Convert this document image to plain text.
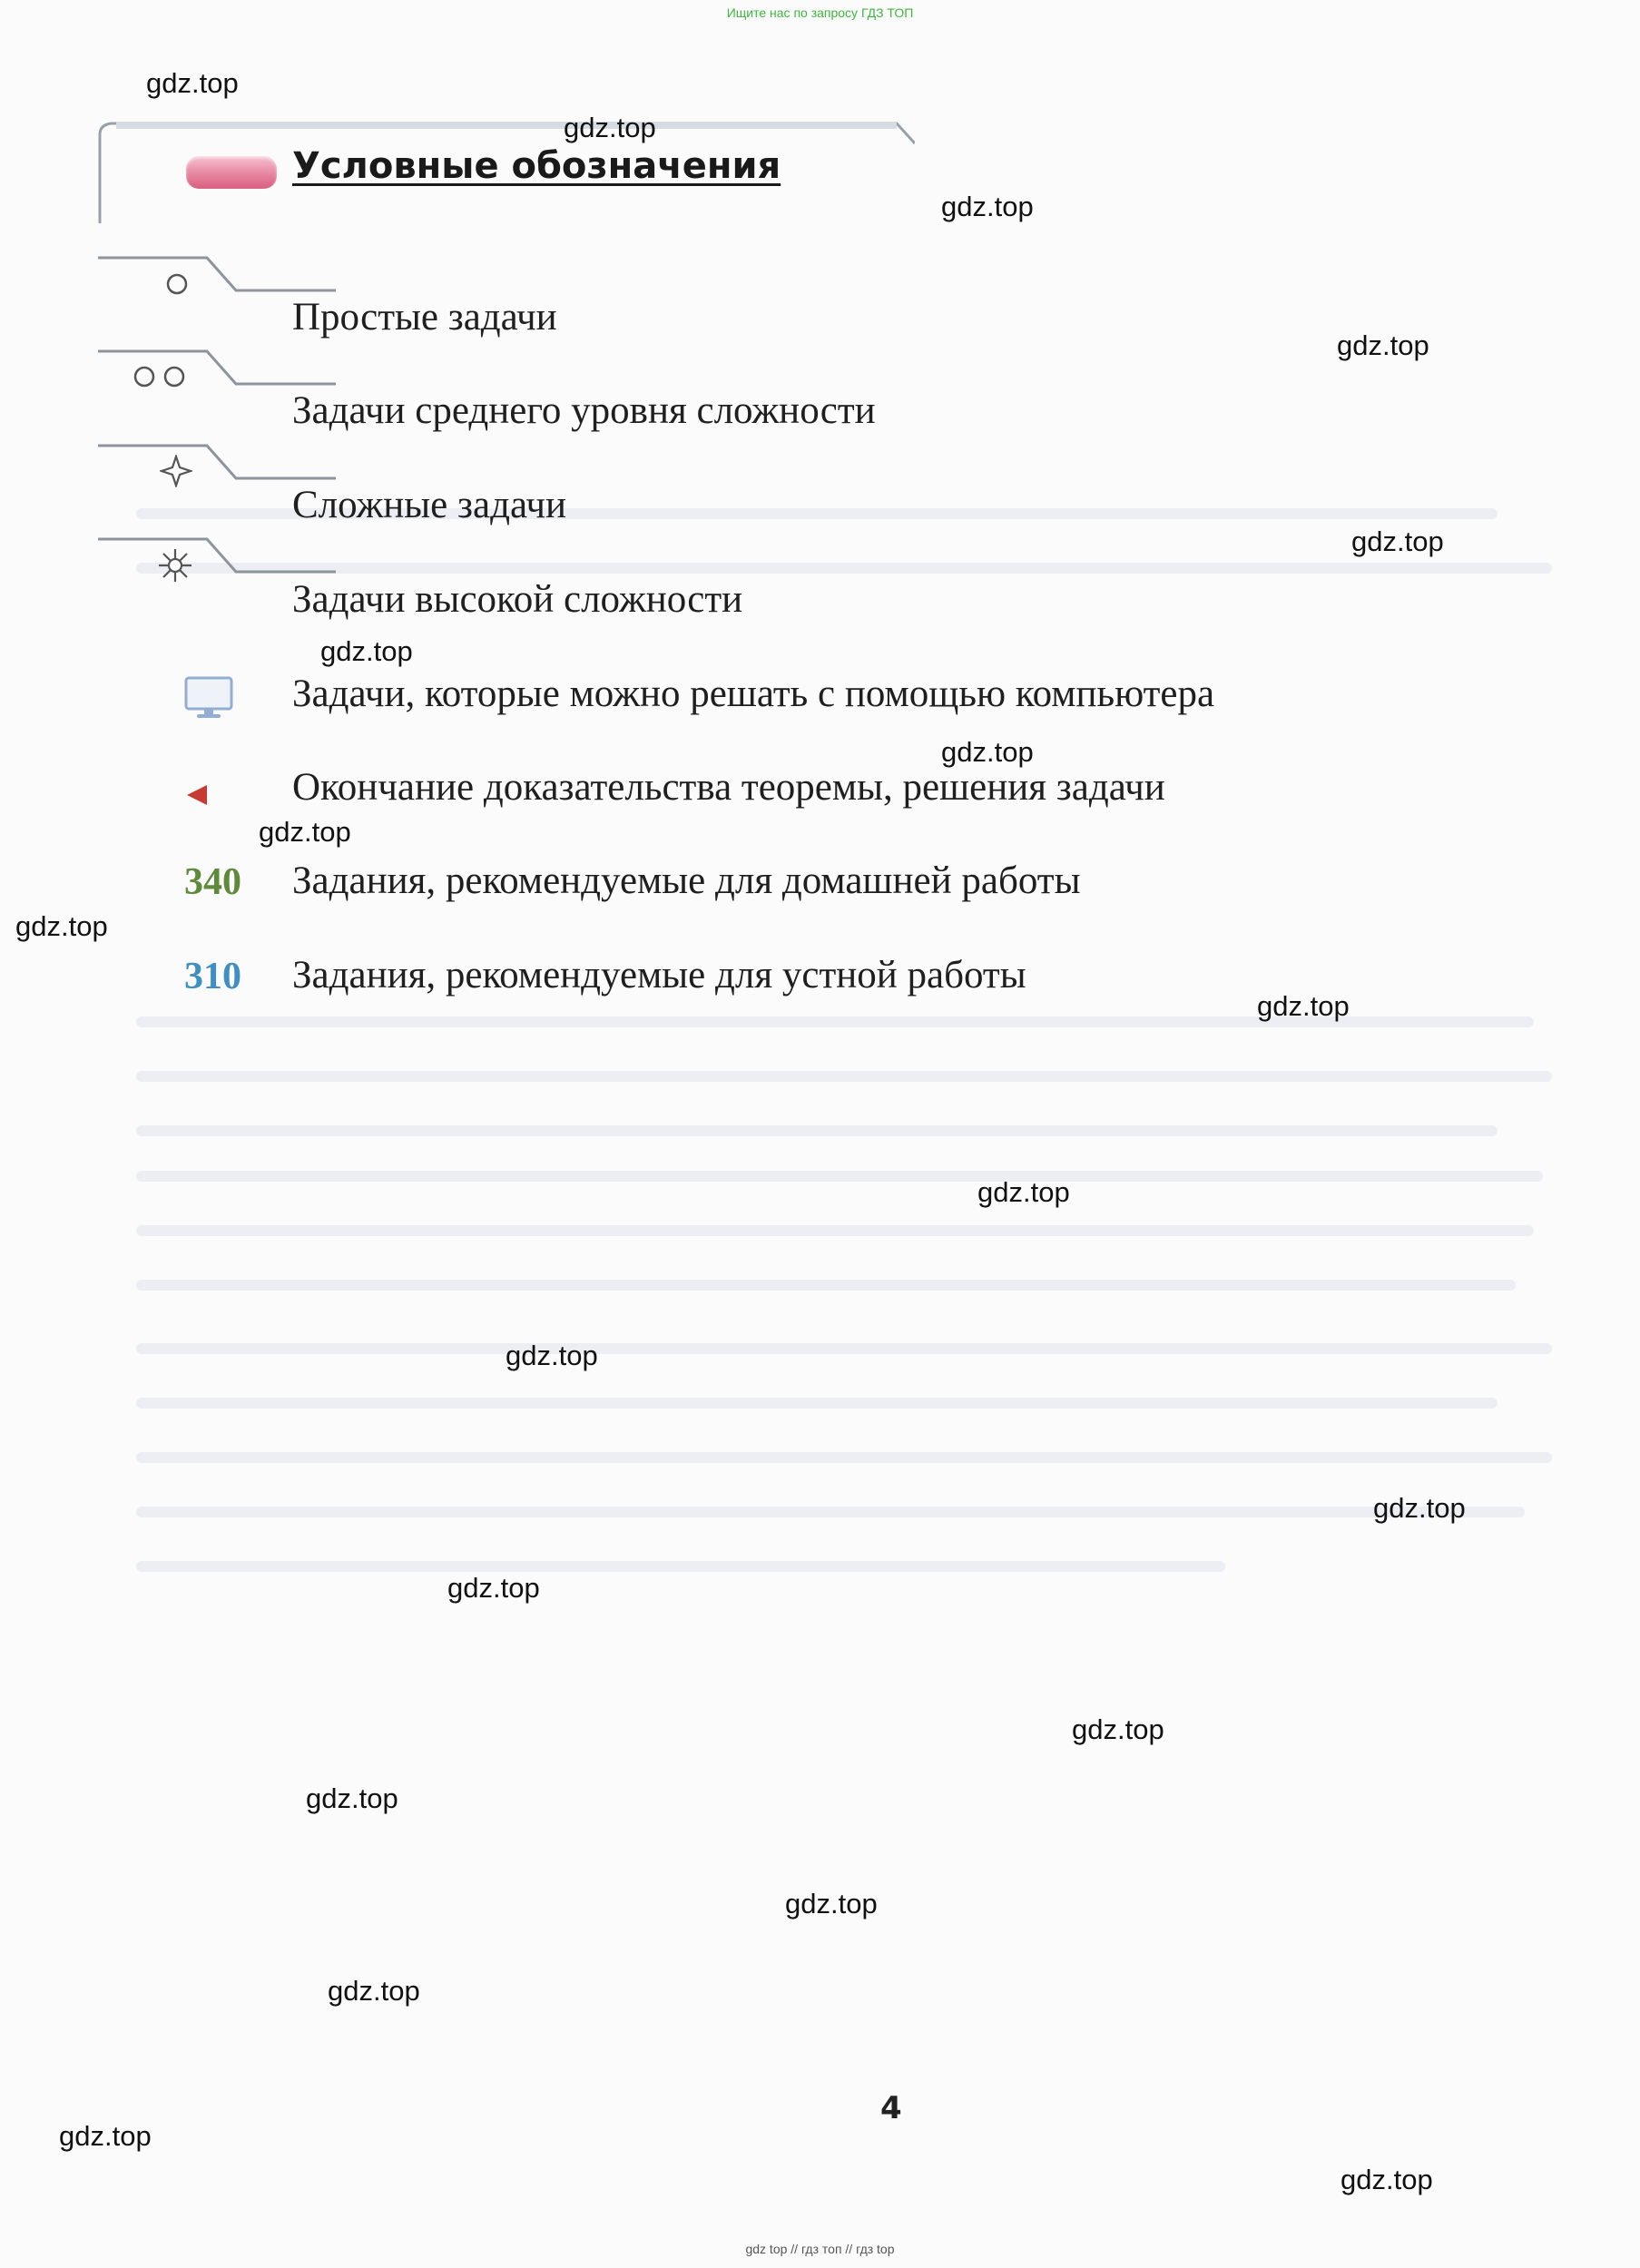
Ищите нас по запросу ГДЗ ТОП
Условные обозначения
Простые задачи
Задачи среднего уровня сложности
Сложные задачи
Задачи высокой сложности
Задачи, которые можно решать с помощью компьютера
Окончание доказательства теоремы, решения задачи
340 Задания, рекомендуемые для домашней работы
310 Задания, рекомендуемые для устной работы
4
gdz.top
gdz.top
gdz.top
gdz.top
gdz.top
gdz.top
gdz.top
gdz.top
gdz.top
gdz.top
gdz.top
gdz.top
gdz.top
gdz.top
gdz.top
gdz.top
gdz.top
gdz.top
gdz.top
gdz.top
gdz top // гдз топ // гдз top
